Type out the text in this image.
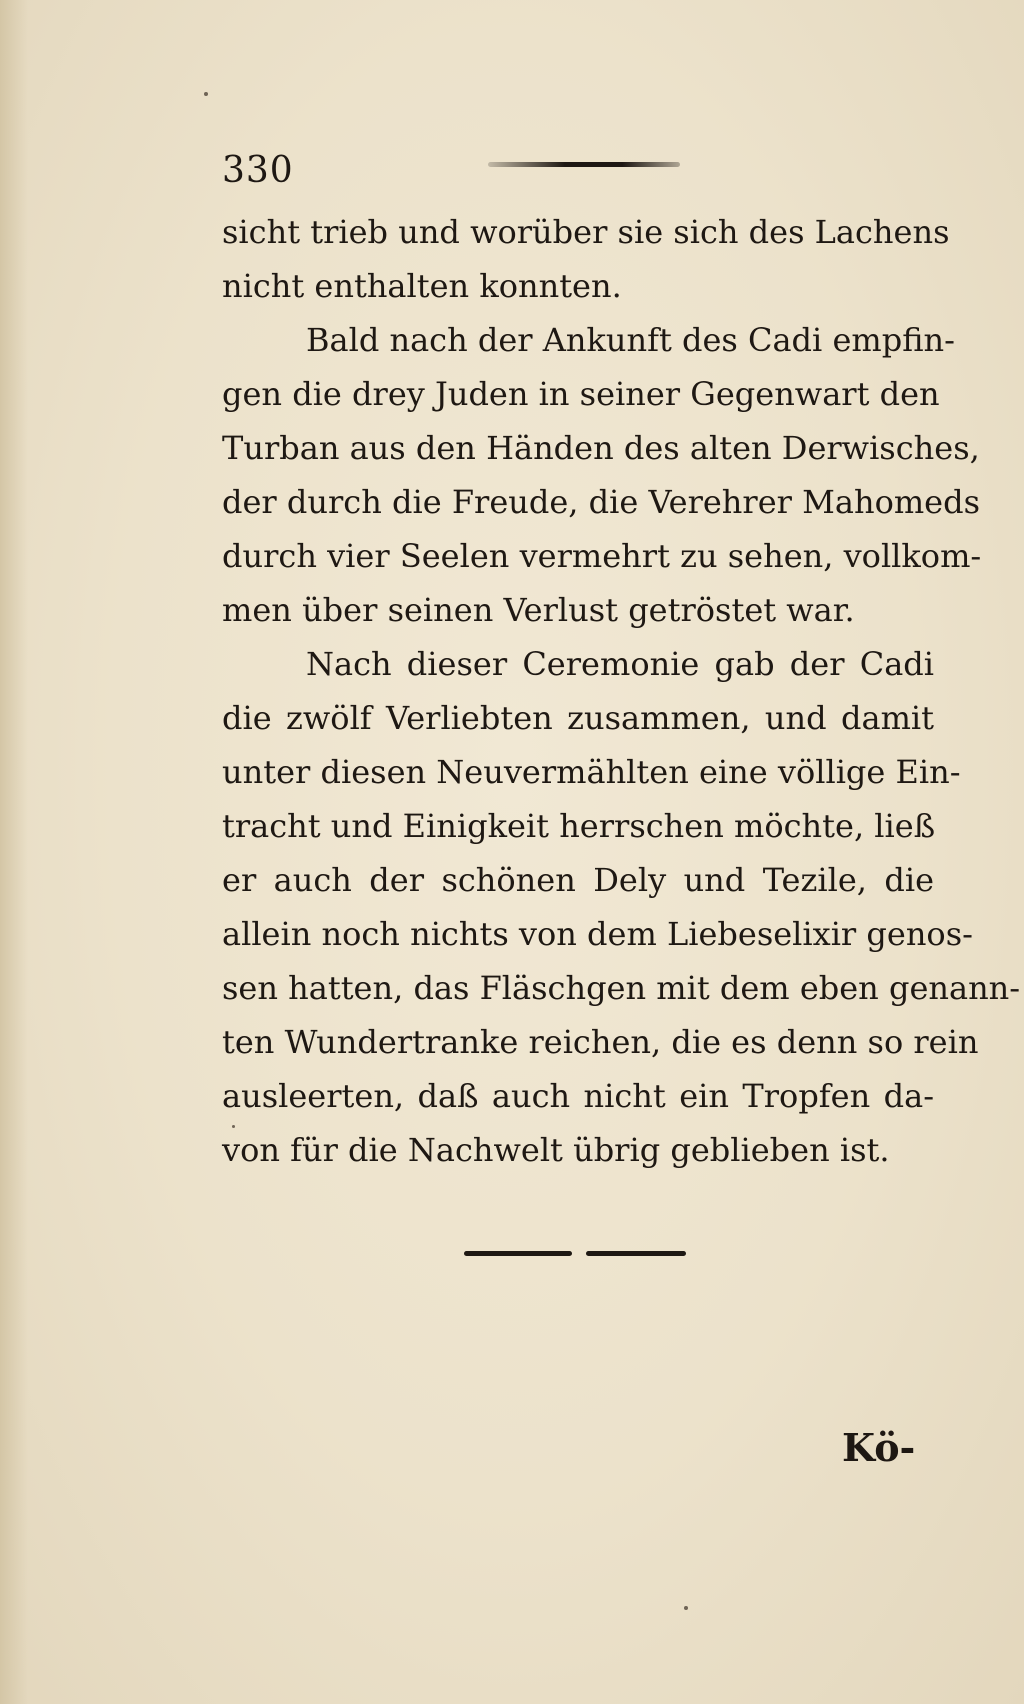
330
sicht trieb und worüber sie sich des Lachens
nicht enthalten konnten.
Bald nach der Ankunft des Cadi empfin-
gen die drey Juden in seiner Gegenwart den
Turban aus den Händen des alten Derwisches,
der durch die Freude, die Verehrer Mahomeds
durch vier Seelen vermehrt zu sehen, vollkom-
men über seinen Verlust getröstet war.
Nach dieser Ceremonie gab der Cadi
die zwölf Verliebten zusammen, und damit
unter diesen Neuvermählten eine völlige Ein-
tracht und Einigkeit herrschen möchte, ließ
er auch der schönen Dely und Tezile, die
allein noch nichts von dem Liebeselixir genos-
sen hatten, das Fläschgen mit dem eben genann-
ten Wundertranke reichen, die es denn so rein
ausleerten, daß auch nicht ein Tropfen da-
von für die Nachwelt übrig geblieben ist.
Kö-
